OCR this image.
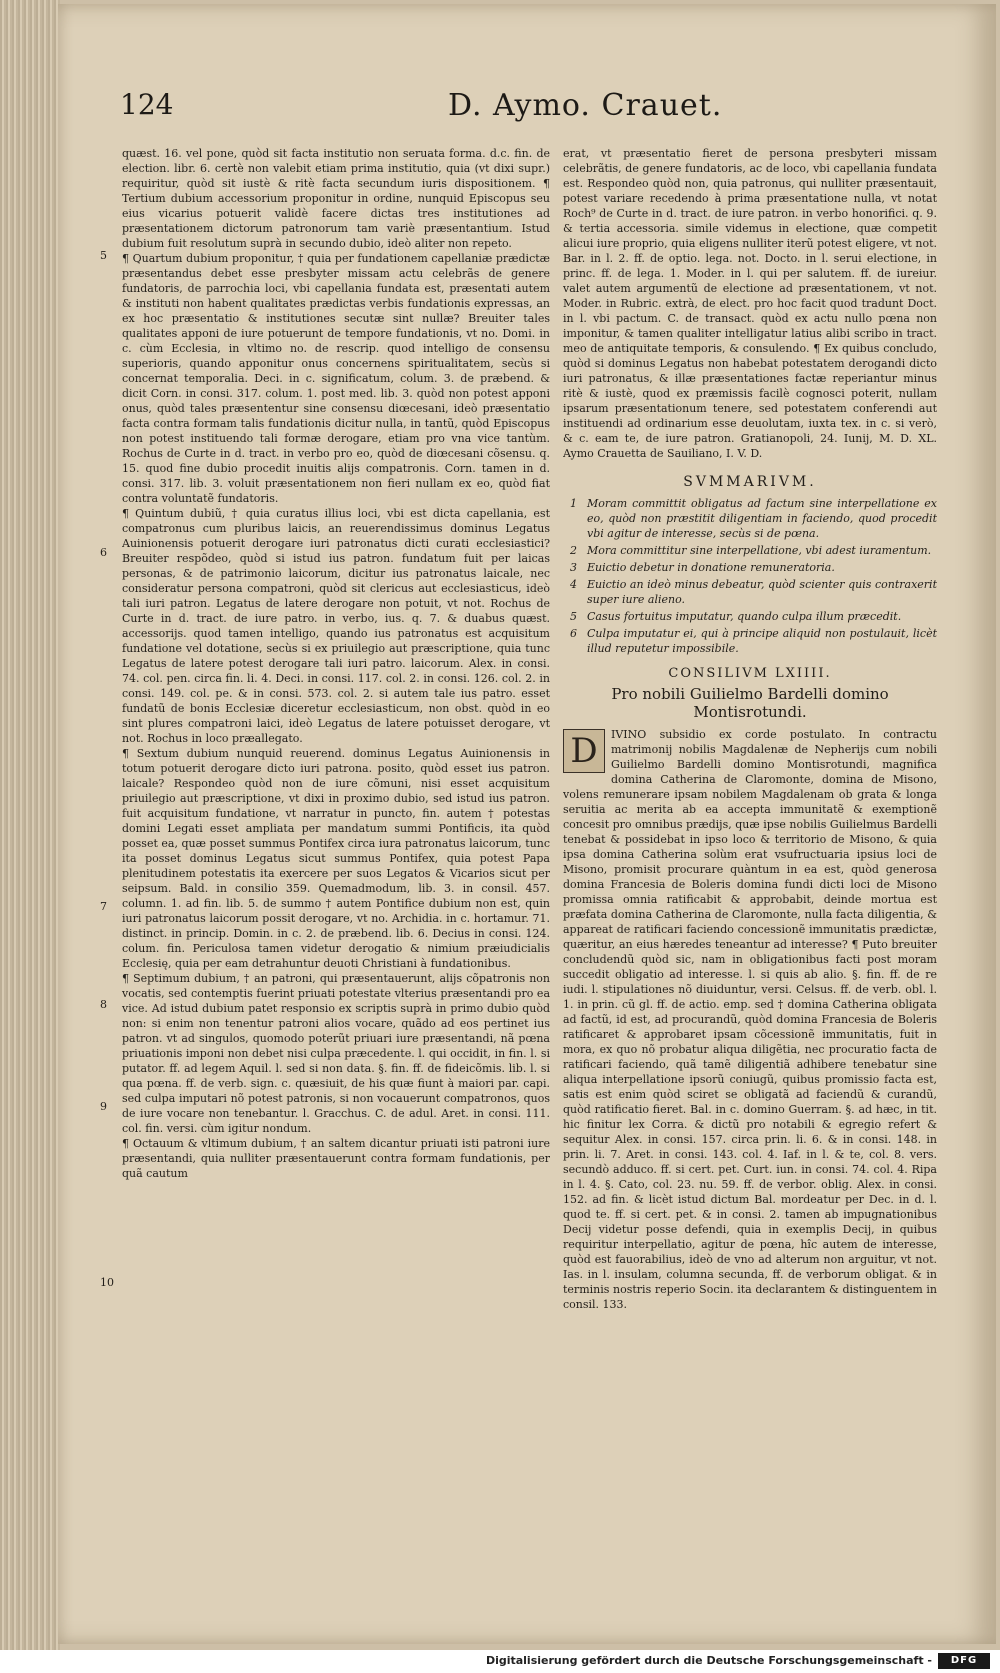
124	D. Aymo. Crauet.
5
6
7
8
9
10

quæst. 16. vel pone, quòd sit facta institutio non seruata forma. d.c. fin. de election. libr. 6. certè non valebit etiam prima institutio, quia (vt dixi supr.) requiritur, quòd sit iustè & ritè facta secundum iuris dispositionem. ¶ Tertium dubium accessorium proponitur in ordine, nunquid Episcopus seu eius vicarius potuerit validè facere dictas tres institutiones ad præsentationem dictorum patronorum tam variè præsentantium. Istud dubium fuit resolutum suprà in secundo dubio, ideò aliter non repeto.

¶ Quartum dubium proponitur, † quia per fundationem capellaniæ prædictæ præsentandus debet esse presbyter missam actu celebrãs de genere fundatoris, de parrochia loci, vbi capellania fundata est, præsentati autem & instituti non habent qualitates prædictas verbis fundationis expressas, an ex hoc præsentatio & institutiones secutæ sint nullæ? Breuiter tales qualitates apponi de iure potuerunt de tempore fundationis, vt no. Domi. in c. cùm Ecclesia, in vltimo no. de rescrip. quod intelligo de consensu superioris, quando apponitur onus concernens spiritualitatem, secùs si concernat temporalia. Deci. in c. significatum, colum. 3. de præbend. & dicit Corn. in consi. 317. colum. 1. post med. lib. 3. quòd non potest apponi onus, quòd tales præsententur sine consensu diœcesani, ideò præsentatio facta contra formam talis fundationis dicitur nulla, in tantũ, quòd Episcopus non potest instituendo tali formæ derogare, etiam pro vna vice tantùm. Rochus de Curte in d. tract. in verbo pro eo, quòd de diœcesani cõsensu. q. 15. quod fine dubio procedit inuitis alijs compatronis. Corn. tamen in d. consi. 317. lib. 3. voluit præsentationem non fieri nullam ex eo, quòd fiat contra voluntatẽ fundatoris.

¶ Quintum dubiũ, † quia curatus illius loci, vbi est dicta capellania, est compatronus cum pluribus laicis, an reuerendissimus dominus Legatus Auinionensis potuerit derogare iuri patronatus dicti curati ecclesiastici? Breuiter respõdeo, quòd si istud ius patron. fundatum fuit per laicas personas, & de patrimonio laicorum, dicitur ius patronatus laicale, nec consideratur persona compatroni, quòd sit clericus aut ecclesiasticus, ideò tali iuri patron. Legatus de latere derogare non potuit, vt not. Rochus de Curte in d. tract. de iure patro. in verbo, ius. q. 7. & duabus quæst. accessorijs. quod tamen intelligo, quando ius patronatus est acquisitum fundatione vel dotatione, secùs si ex priuilegio aut præscriptione, quia tunc Legatus de latere potest derogare tali iuri patro. laicorum. Alex. in consi. 74. col. pen. circa fin. li. 4. Deci. in consi. 117. col. 2. in consi. 126. col. 2. in consi. 149. col. pe. & in consi. 573. col. 2. si autem tale ius patro. esset fundatũ de bonis Ecclesiæ diceretur ecclesiasticum, non obst. quòd in eo sint plures compatroni laici, ideò Legatus de latere potuisset derogare, vt not. Rochus in loco præallegato.

¶ Sextum dubium nunquid reuerend. dominus Legatus Auinionensis in totum potuerit derogare dicto iuri patrona. posito, quòd esset ius patron. laicale? Respondeo quòd non de iure cõmuni, nisi esset acquisitum priuilegio aut præscriptione, vt dixi in proximo dubio, sed istud ius patron. fuit acquisitum fundatione, vt narratur in puncto, fin. autem † potestas domini Legati esset ampliata per mandatum summi Pontificis, ita quòd posset ea, quæ posset summus Pontifex circa iura patronatus laicorum, tunc ita posset dominus Legatus sicut summus Pontifex, quia potest Papa plenitudinem potestatis ita exercere per suos Legatos & Vicarios sicut per seipsum. Bald. in consilio 359. Quemadmodum, lib. 3. in consil. 457. column. 1. ad fin. lib. 5. de summo † autem Pontifice dubium non est, quin iuri patronatus laicorum possit derogare, vt no. Archidia. in c. hortamur. 71. distinct. in princip. Domin. in c. 2. de præbend. lib. 6. Decius in consi. 124. colum. fin. Periculosa tamen videtur derogatio & nimium præiudicialis Ecclesię, quia per eam detrahuntur deuoti Christiani à fundationibus.

¶ Septimum dubium, † an patroni, qui præsentauerunt, alijs cõpatronis non vocatis, sed contemptis fuerint priuati potestate vlterius præsentandi pro ea vice. Ad istud dubium patet responsio ex scriptis suprà in primo dubio quòd non: si enim non tenentur patroni alios vocare, quãdo ad eos pertinet ius patron. vt ad singulos, quomodo poterũt priuari iure præsentandi, nã pœna priuationis imponi non debet nisi culpa præcedente. l. qui occidit, in fin. l. si putator. ff. ad legem Aquil. l. sed si non data. §. fin. ff. de fideicõmis. lib. l. si qua pœna. ff. de verb. sign. c. quæsiuit, de his quæ fiunt à maiori par. capi. sed culpa imputari nõ potest patronis, si non vocauerunt compatronos, quos de iure vocare non tenebantur. l. Gracchus. C. de adul. Aret. in consi. 111. col. fin. versi. cùm igitur nondum.

¶ Octauum & vltimum dubium, † an saltem dicantur priuati isti patroni iure præsentandi, quia nulliter præsentauerunt contra formam fundationis, per quã cautum

erat, vt præsentatio fieret de persona presbyteri missam celebrãtis, de genere fundatoris, ac de loco, vbi capellania fundata est. Respondeo quòd non, quia patronus, qui nulliter præsentauit, potest variare recedendo à prima præsentatione nulla, vt notat Roch⁹ de Curte in d. tract. de iure patron. in verbo honorifici. q. 9. & tertia accessoria. simile videmus in electione, quæ competit alicui iure proprio, quia eligens nulliter iterũ potest eligere, vt not. Bar. in l. 2. ff. de optio. lega. not. Docto. in l. serui electione, in princ. ff. de lega. 1. Moder. in l. qui per salutem. ff. de iureiur. valet autem argumentũ de electione ad præsentationem, vt not. Moder. in Rubric. extrà, de elect. pro hoc facit quod tradunt Doct. in l. vbi pactum. C. de transact. quòd ex actu nullo pœna non imponitur, & tamen qualiter intelligatur latius alibi scribo in tract. meo de antiquitate temporis, & consulendo. ¶ Ex quibus concludo, quòd si dominus Legatus non habebat potestatem derogandi dicto iuri patronatus, & illæ præsentationes factæ reperiantur minus ritè & iustè, quod ex præmissis facilè cognosci poterit, nullam ipsarum præsentationum tenere, sed potestatem conferendi aut instituendi ad ordinarium esse deuolutam, iuxta tex. in c. si verò, & c. eam te, de iure patron. Gratianopoli, 24. Iunij, M. D. XL. Aymo Crauetta de Sauiliano, I. V. D.

SVMMARIVM.
1 Moram committit obligatus ad factum sine interpellatione ex eo, quòd non præstitit diligentiam in faciendo, quod procedit vbi agitur de interesse, secùs si de pœna.
2 Mora committitur sine interpellatione, vbi adest iuramentum.
3 Euictio debetur in donatione remuneratoria.
4 Euictio an ideò minus debeatur, quòd scienter quis contraxerit super iure alieno.
5 Casus fortuitus imputatur, quando culpa illum præcedit.
6 Culpa imputatur ei, qui à principe aliquid non postulauit, licèt illud reputetur impossibile.
CONSILIVM LXIIII.
Pro nobili Guilielmo Bardelli domino Montisrotundi.

D	IVINO subsidio ex corde postulato. In contractu matrimonij nobilis Magdalenæ de Nepherijs cum nobili Guilielmo Bardelli domino Montisrotundi, magnifica domina Catherina de Claromonte, domina de Misono, volens remunerare ipsam nobilem Magdalenam ob grata & longa seruitia ac merita ab ea accepta immunitatẽ & exemptionẽ concesit pro omnibus prædijs, quæ ipse nobilis Guilielmus Bardelli tenebat & possidebat in ipso loco & territorio de Misono, & quia ipsa domina Catherina solùm erat vsufructuaria ipsius loci de Misono, promisit procurare quàntum in ea est, quòd generosa domina Francesia de Boleris domina fundi dicti loci de Misono promissa omnia ratificabit & approbabit, deinde mortua est præfata domina Catherina de Claromonte, nulla facta diligentia, & appareat de ratificari faciendo concessionẽ immunitatis prædictæ, quæritur, an eius hæredes teneantur ad interesse? ¶ Puto breuiter concludendũ quòd sic, nam in obligationibus facti post moram succedit obligatio ad interesse. l. si quis ab alio. §. fin. ff. de re iudi. l. stipulationes nõ diuiduntur, versi. Celsus. ff. de verb. obl. l. 1. in prin. cũ gl. ff. de actio. emp. sed † domina Catherina obligata ad factũ, id est, ad procurandũ, quòd domina Francesia de Boleris ratificaret & approbaret ipsam cõcessionẽ immunitatis, fuit in mora, ex quo nõ probatur aliqua diligẽtia, nec procuratio facta de ratificari faciendo, quã tamẽ diligentiã adhibere tenebatur sine aliqua interpellatione ipsorũ coniugũ, quibus promissio facta est, satis est enim quòd sciret se obligatã ad faciendũ & curandũ, quòd ratificatio fieret. Bal. in c. domino Guerram. §. ad hæc, in tit. hic finitur lex Corra. & dictũ pro notabili & egregio refert & sequitur Alex. in consi. 157. circa prin. li. 6. & in consi. 148. in prin. li. 7. Aret. in consi. 143. col. 4. Iaf. in l. & te, col. 8. vers. secundò adduco. ff. si cert. pet. Curt. iun. in consi. 74. col. 4. Ripa in l. 4. §. Cato, col. 23. nu. 59. ff. de verbor. oblig. Alex. in consi. 152. ad fin. & licèt istud dictum Bal. mordeatur per Dec. in d. l. quod te. ff. si cert. pet. & in consi. 2. tamen ab impugnationibus Decij videtur posse defendi, quia in exemplis Decij, in quibus requiritur interpellatio, agitur de pœna, hîc autem de interesse, quòd est fauorabilius, ideò de vno ad alterum non arguitur, vt not. Ias. in l. insulam, columna secunda, ff. de verborum obligat. & in terminis nostris reperio Socin. ita declarantem & distinguentem in consil. 133.

Digitalisierung gefördert durch die Deutsche Forschungsgemeinschaft -	DFG
